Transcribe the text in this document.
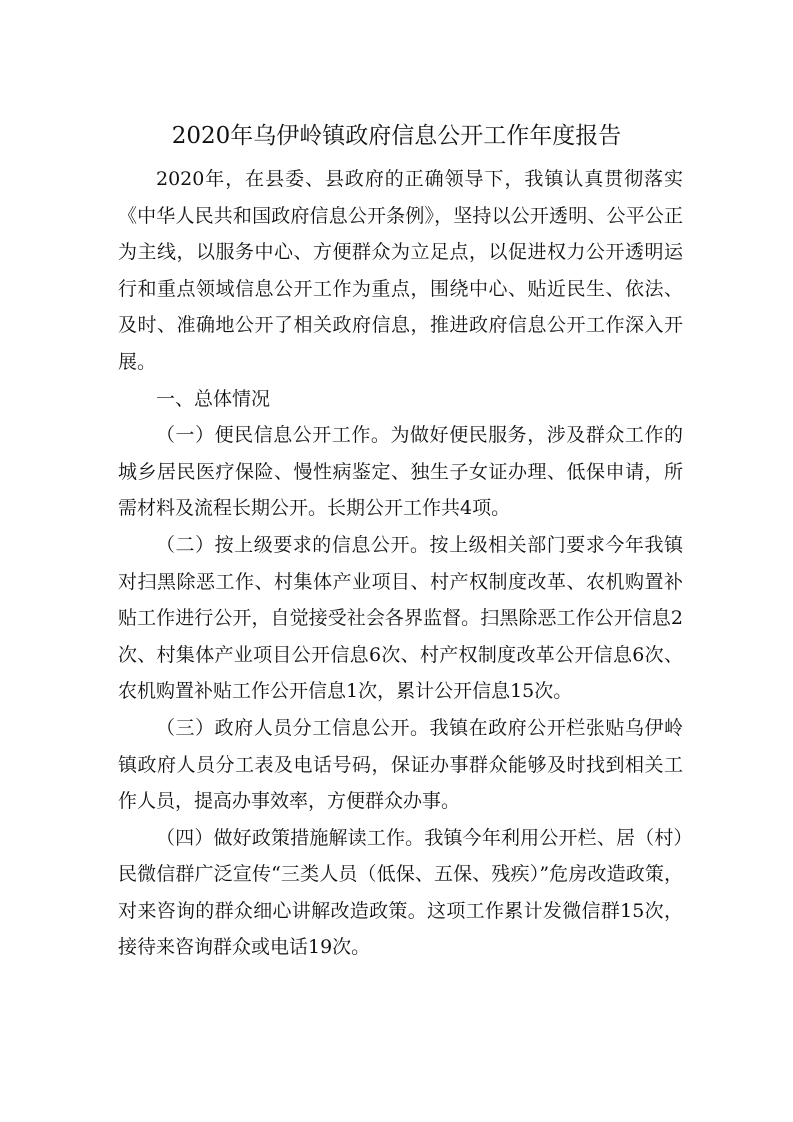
2020年乌伊岭镇政府信息公开工作年度报告

2020年，在县委、县政府的正确领导下，我镇认真贯彻落实《中华人民共和国政府信息公开条例》，坚持以公开透明、公平公正为主线，以服务中心、方便群众为立足点，以促进权力公开透明运行和重点领域信息公开工作为重点，围绕中心、贴近民生、依法、及时、准确地公开了相关政府信息，推进政府信息公开工作深入开展。

一、总体情况

（一）便民信息公开工作。为做好便民服务，涉及群众工作的城乡居民医疗保险、慢性病鉴定、独生子女证办理、低保申请，所需材料及流程长期公开。长期公开工作共4项。

（二）按上级要求的信息公开。按上级相关部门要求今年我镇对扫黑除恶工作、村集体产业项目、村产权制度改革、农机购置补贴工作进行公开，自觉接受社会各界监督。扫黑除恶工作公开信息2次、村集体产业项目公开信息6次、村产权制度改革公开信息6次、农机购置补贴工作公开信息1次，累计公开信息15次。

（三）政府人员分工信息公开。我镇在政府公开栏张贴乌伊岭镇政府人员分工表及电话号码，保证办事群众能够及时找到相关工作人员，提高办事效率，方便群众办事。

（四）做好政策措施解读工作。我镇今年利用公开栏、居（村）民微信群广泛宣传“三类人员（低保、五保、残疾）”危房改造政策，对来咨询的群众细心讲解改造政策。这项工作累计发微信群15次，接待来咨询群众或电话19次。
